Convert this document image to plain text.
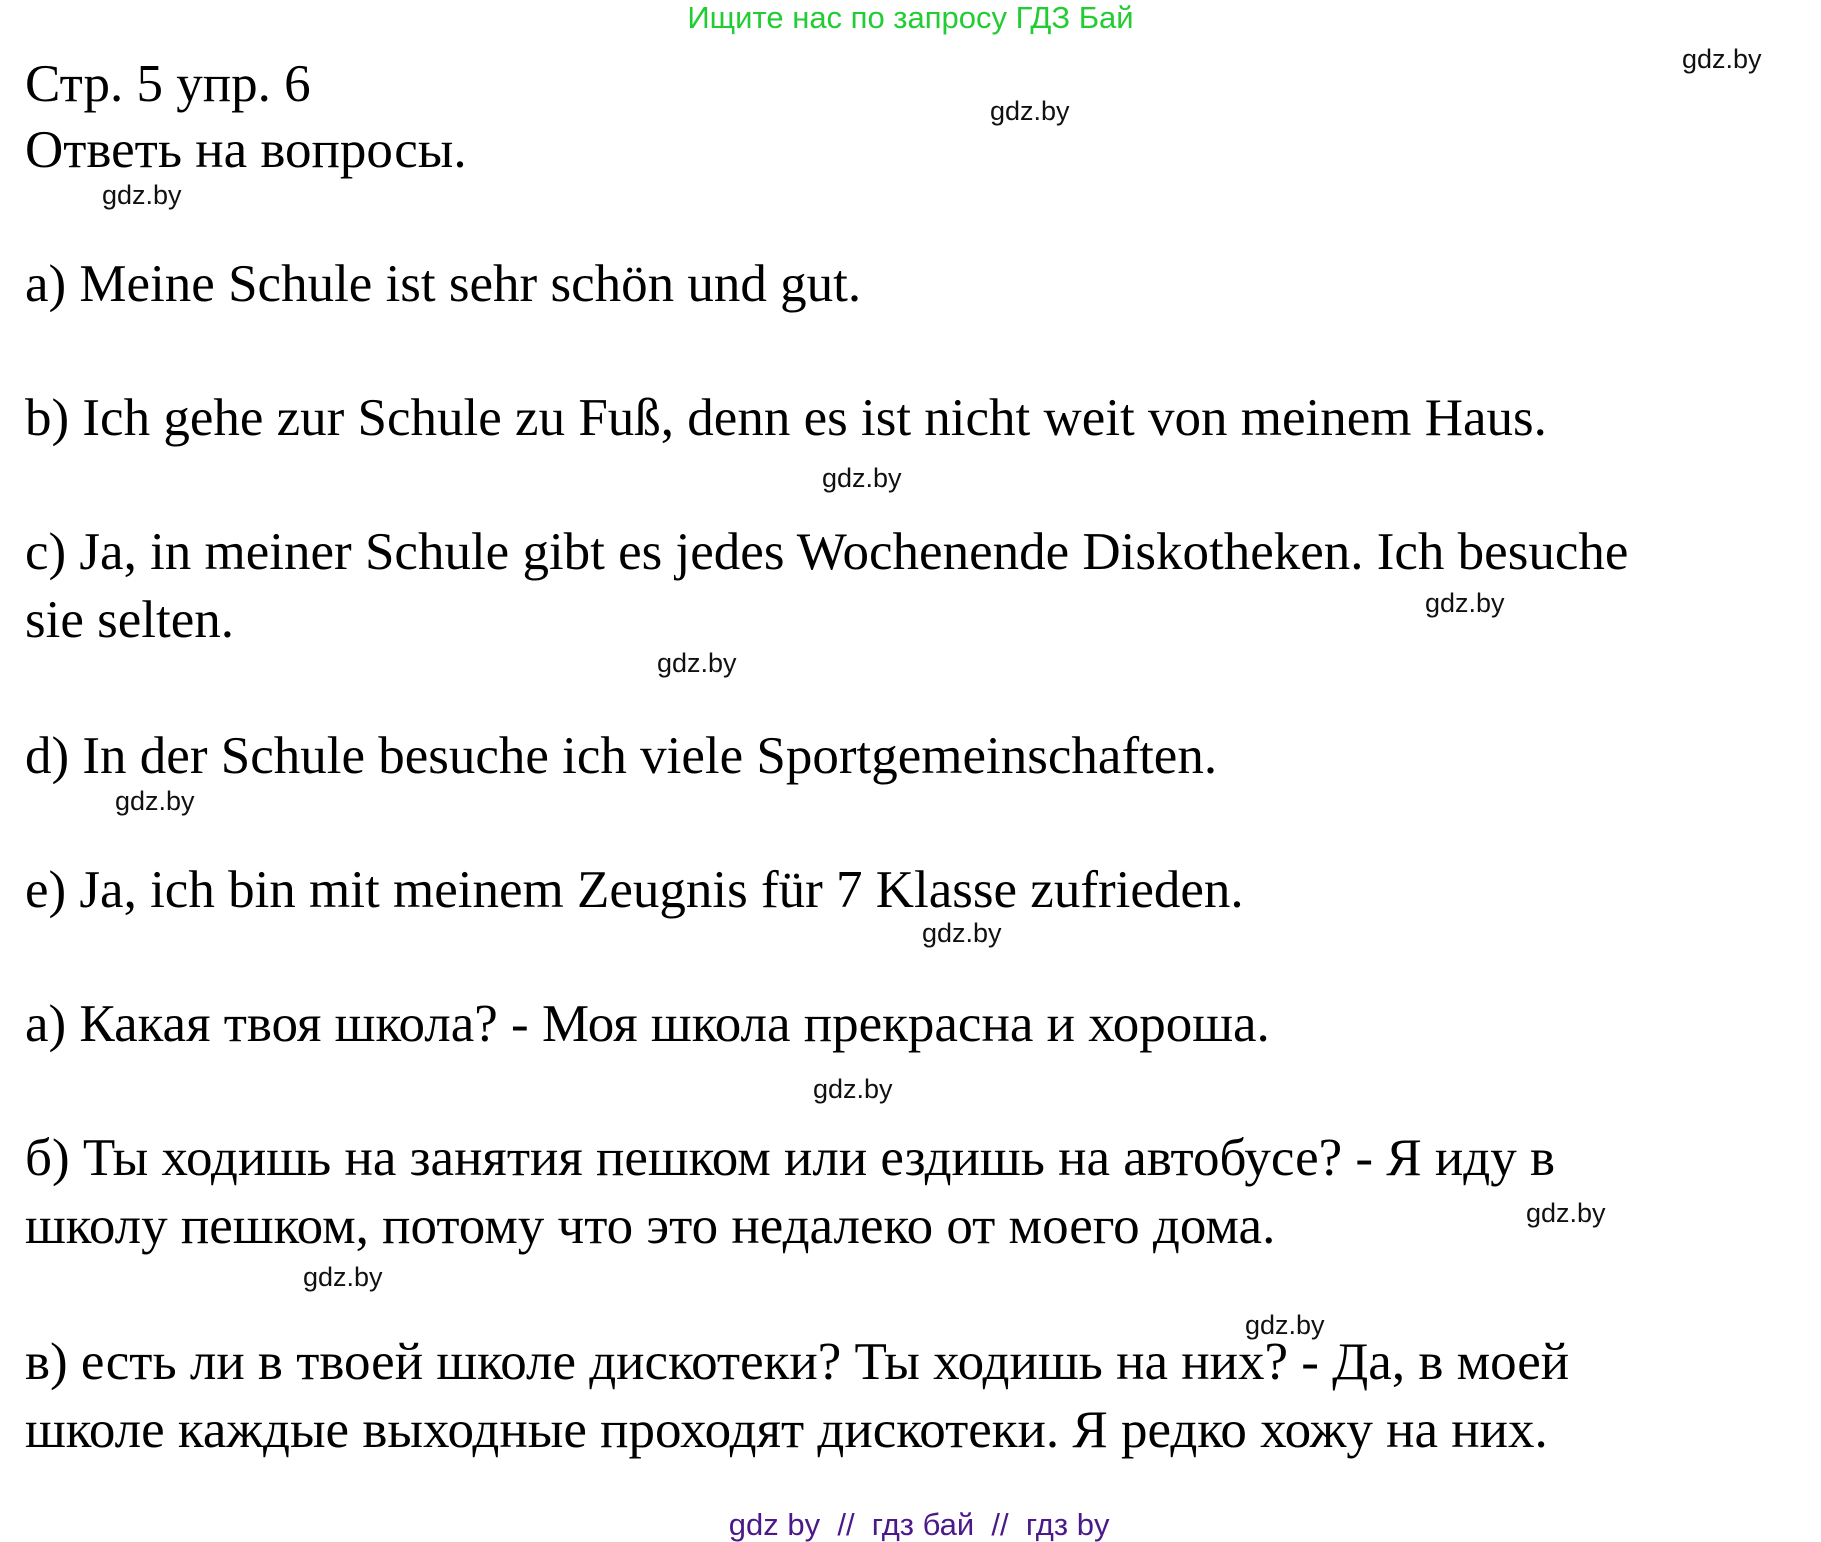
Ищите нас по запросу ГДЗ Бай
Стр. 5 упр. 6
Ответь на вопросы.
a) Meine Schule ist sehr schön und gut.
b) Ich gehe zur Schule zu Fuß, denn es ist nicht weit von meinem Haus.
c) Ja, in meiner Schule gibt es jedes Wochenende Diskotheken. Ich besuche
sie selten.
d) In der Schule besuche ich viele Sportgemeinschaften.
e) Ja, ich bin mit meinem Zeugnis für 7 Klasse zufrieden.
а) Какая твоя школа? - Моя школа прекрасна и хороша.
б) Ты ходишь на занятия пешком или ездишь на автобусе? - Я иду в
школу пешком, потому что это недалеко от моего дома.
в) есть ли в твоей школе дискотеки? Ты ходишь на них? - Да, в моей
школе каждые выходные проходят дискотеки. Я редко хожу на них.
gdz.by
gdz.by
gdz.by
gdz.by
gdz.by
gdz.by
gdz.by
gdz.by
gdz.by
gdz.by
gdz.by
gdz.by

gdz by  //  гдз бай  //  гдз by
